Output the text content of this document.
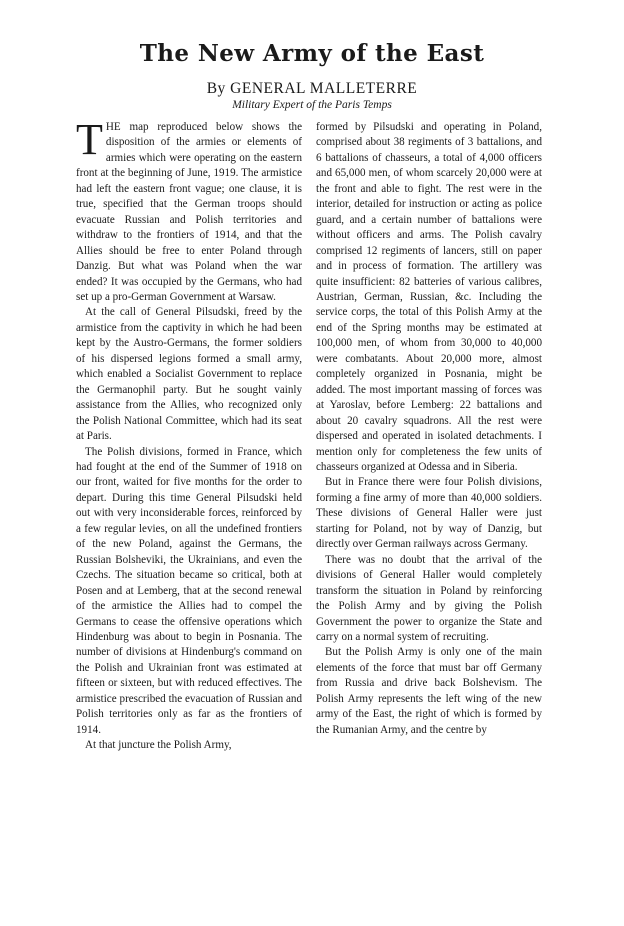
The New Army of the East
By GENERAL MALLETERRE
Military Expert of the Paris Temps

THE map reproduced below shows the disposition of the armies or elements of armies which were operating on the eastern front at the beginning of June, 1919. The armistice had left the eastern front vague; one clause, it is true, specified that the German troops should evacuate Russian and Polish territories and withdraw to the frontiers of 1914, and that the Allies should be free to enter Poland through Danzig. But what was Poland when the war ended? It was occupied by the Germans, who had set up a pro-German Government at Warsaw.

At the call of General Pilsudski, freed by the armistice from the captivity in which he had been kept by the Austro-Germans, the former soldiers of his dispersed legions formed a small army, which enabled a Socialist Government to replace the Germanophil party. But he sought vainly assistance from the Allies, who recognized only the Polish National Committee, which had its seat at Paris.

The Polish divisions, formed in France, which had fought at the end of the Summer of 1918 on our front, waited for five months for the order to depart. During this time General Pilsudski held out with very inconsiderable forces, reinforced by a few regular levies, on all the undefined frontiers of the new Poland, against the Germans, the Russian Bolsheviki, the Ukrainians, and even the Czechs. The situation became so critical, both at Posen and at Lemberg, that at the second renewal of the armistice the Allies had to compel the Germans to cease the offensive operations which Hindenburg was about to begin in Posnania. The number of divisions at Hindenburg's command on the Polish and Ukrainian front was estimated at fifteen or sixteen, but with reduced effectives. The armistice prescribed the evacuation of Russian and Polish territories only as far as the frontiers of 1914.

At that juncture the Polish Army,

formed by Pilsudski and operating in Poland, comprised about 38 regiments of 3 battalions, and 6 battalions of chasseurs, a total of 4,000 officers and 65,000 men, of whom scarcely 20,000 were at the front and able to fight. The rest were in the interior, detailed for instruction or acting as police guard, and a certain number of battalions were without officers and arms. The Polish cavalry comprised 12 regiments of lancers, still on paper and in process of formation. The artillery was quite insufficient: 82 batteries of various calibres, Austrian, German, Russian, &c. Including the service corps, the total of this Polish Army at the end of the Spring months may be estimated at 100,000 men, of whom from 30,000 to 40,000 were combatants. About 20,000 more, almost completely organized in Posnania, might be added. The most important massing of forces was at Yaroslav, before Lemberg: 22 battalions and about 20 cavalry squadrons. All the rest were dispersed and operated in isolated detachments. I mention only for completeness the few units of chasseurs organized at Odessa and in Siberia.

But in France there were four Polish divisions, forming a fine army of more than 40,000 soldiers. These divisions of General Haller were just starting for Poland, not by way of Danzig, but directly over German railways across Germany.

There was no doubt that the arrival of the divisions of General Haller would completely transform the situation in Poland by reinforcing the Polish Army and by giving the Polish Government the power to organize the State and carry on a normal system of recruiting.

But the Polish Army is only one of the main elements of the force that must bar off Germany from Russia and drive back Bolshevism. The Polish Army represents the left wing of the new army of the East, the right of which is formed by the Rumanian Army, and the centre by
